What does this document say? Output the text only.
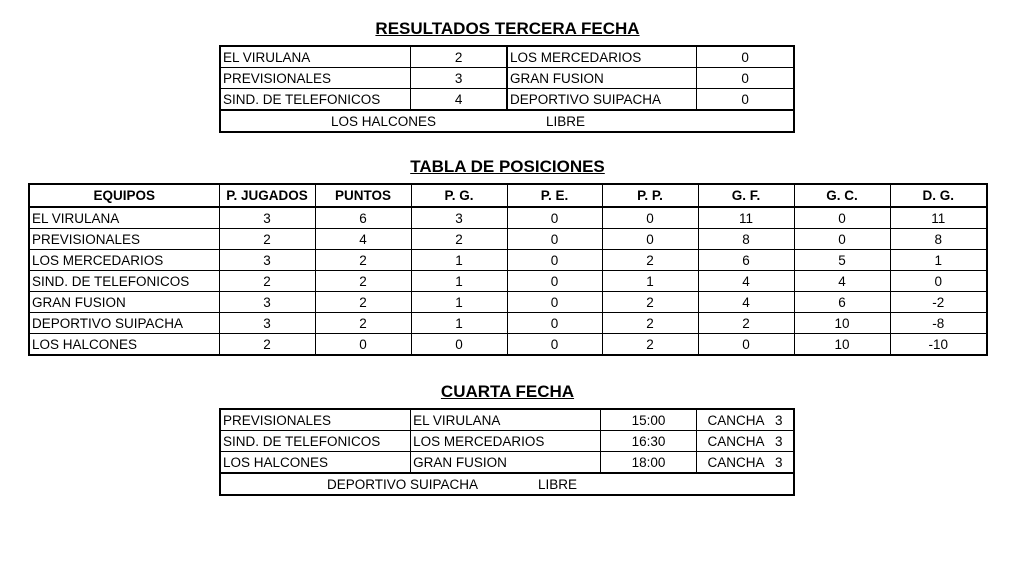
RESULTADOS TERCERA FECHA
EL VIRULANA	2	LOS MERCEDARIOS	0
PREVISIONALES	3	GRAN FUSION	0
SIND. DE TELEFONICOS	4	DEPORTIVO SUIPACHA	0
LOS HALCONES LIBRE			
TABLA DE POSICIONES
EQUIPOS	P. JUGADOS	PUNTOS	P. G.	P. E.	P. P.	G. F.	G. C.	D. G.
EL VIRULANA	3	6	3	0	0	11	0	11
PREVISIONALES	2	4	2	0	0	8	0	8
LOS MERCEDARIOS	3	2	1	0	2	6	5	1
SIND. DE TELEFONICOS	2	2	1	0	1	4	4	0
GRAN FUSION	3	2	1	0	2	4	6	-2
DEPORTIVO SUIPACHA	3	2	1	0	2	2	10	-8
LOS HALCONES	2	0	0	0	2	0	10	-10
CUARTA FECHA
PREVISIONALES	EL VIRULANA	15:00	CANCHA   3
SIND. DE TELEFONICOS	LOS MERCEDARIOS	16:30	CANCHA   3
LOS HALCONES	GRAN FUSION	18:00	CANCHA   3
DEPORTIVO SUIPACHA LIBRE			
